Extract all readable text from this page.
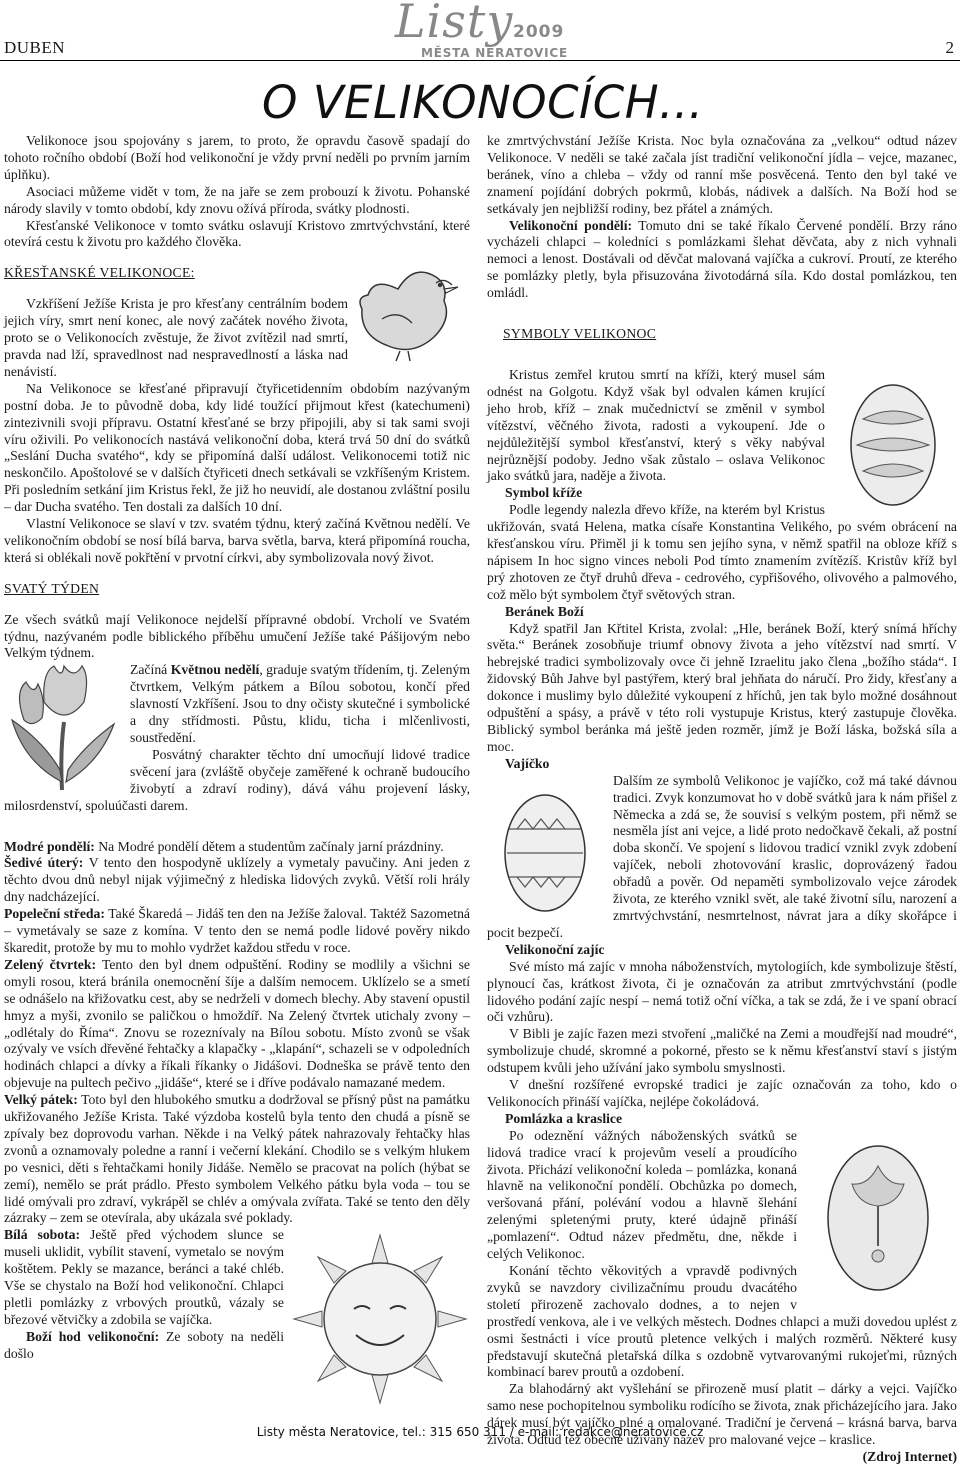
DUBEN	Listy 2009
MĚSTA NERATOVICE	2
O VELIKONOCÍCH...

Velikonoce jsou spojovány s jarem, to proto, že opravdu časově spadají do tohoto ročního období (Boží hod velikonoční je vždy první neděli po prvním jarním úplňku).

Asociaci můžeme vidět v tom, že na jaře se zem probouzí k životu. Pohanské národy slavily v tomto období, kdy znovu ožívá příroda, svátky plodnosti.

Křesťanské Velikonoce v tomto svátku oslavují Kristovo zmrtvýchvstání, které otevírá cestu k životu pro každého člověka.

KŘESŤANSKÉ VELIKONOCE:

Vzkříšení Ježíše Krista je pro křesťany centrálním bodem jejich víry, smrt není konec, ale nový začátek nového života, proto se o Velikonocích zvěstuje, že život zvítězil nad smrtí, pravda nad lží, spravedlnost nad nespravedlností a láska nad nenávistí.

Na Velikonoce se křesťané připravují čtyřicetidenním obdobím nazývaným postní doba. Je to původně doba, kdy lidé toužící přijmout křest (katechumeni) zintezivnili svoji přípravu. Ostatní křesťané se brzy připojili, aby si tak sami svoji víru oživili. Po velikonocích nastává velikonoční doba, která trvá 50 dní do svátků „Seslání Ducha svatého“, kdy se připomíná další událost. Velikonocemi totiž nic neskončilo. Apoštolové se v dalších čtyřiceti dnech setkávali se vzkříšeným Kristem. Při posledním setkání jim Kristus řekl, že již ho neuvidí, ale dostanou zvláštní posilu – dar Ducha svatého. Ten dostali za dalších 10 dní.

Vlastní Velikonoce se slaví v tzv. svatém týdnu, který začíná Květnou nedělí. Ve velikonočním období se nosí bílá barva, barva světla, barva, která připomíná roucha, která si oblékali nově pokřtění v prvotní církvi, aby symbolizovala nový život.

SVATÝ TÝDEN

Ze všech svátků mají Velikonoce nejdelší přípravné období. Vrcholí ve Svatém týdnu, nazývaném podle biblického příběhu umučení Ježíše také Pášijovým nebo Velkým týdnem.

Začíná Květnou nedělí, graduje svatým třídením, tj. Zeleným čtvrtkem, Velkým pátkem a Bílou sobotou, končí před slavností Vzkříšení. Jsou to dny očisty skutečné i symbolické a dny střídmosti. Půstu, klidu, ticha i mlčenlivosti, soustředění.

Posvátný charakter těchto dní umocňují lidové tradice svěcení jara (zvláště obyčeje zaměřené k ochraně budoucího živobytí a zdraví rodiny), dává váhu projevení lásky, milosrdenství, spoluúčasti darem.

Modré pondělí: Na Modré pondělí dětem a studentům začínaly jarní prázdniny.

Šedivé úterý: V tento den hospodyně uklízely a vymetaly pavučiny. Ani jeden z těchto dvou dnů nebyl nijak výjimečný z hlediska lidových zvyků. Větší roli hrály dny nadcházející.

Popeleční středa: Také Škaredá – Jidáš ten den na Ježíše žaloval. Taktéž Sazometná – vymetávaly se saze z komína. V tento den se nemá podle lidové pověry nikdo škaredit, protože by mu to mohlo vydržet každou středu v roce.

Zelený čtvrtek: Tento den byl dnem odpuštění. Rodiny se modlily a všichni se omyli rosou, která bránila onemocnění šíje a dalším nemocem. Uklízelo se a smetí se odnášelo na křižovatku cest, aby se nedrželi v domech blechy. Aby stavení opustil hmyz a myši, zvonilo se paličkou o hmoždíř. Na Zelený čtvrtek utichaly zvony – „odlétaly do Říma“. Znovu se rozeznívaly na Bílou sobotu. Místo zvonů se však ozývaly ve vsích dřevěné řehtačky a klapačky - „klapání“, schazeli se v odpoledních hodinách chlapci a dívky a říkali říkanky o Jidášovi. Dodneška se právě tento den objevuje na pultech pečivo „jidáše“, které se i dříve podávalo namazané medem.

Velký pátek: Toto byl den hlubokého smutku a dodržoval se přísný půst na památku ukřižovaného Ježíše Krista. Také výzdoba kostelů byla tento den chudá a písně se zpívaly bez doprovodu varhan. Někde i na Velký pátek nahrazovaly řehtačky hlas zvonů a oznamovaly poledne a ranní i večerní klekání. Chodilo se s velkým hlukem po vesnici, děti s řehtačkami honily Jidáše. Nemělo se pracovat na polích (hýbat se zemí), nemělo se prát prádlo. Přesto symbolem Velkého pátku byla voda – tou se lidé omývali pro zdraví, vykrápěl se chlév a omývala zvířata. Také se tento den děly zázraky – zem se otevírala, aby ukázala své poklady.

Bílá sobota: Ještě před východem slunce se museli uklidit, vybílit stavení, vymetalo se novým koštětem. Pekly se mazance, beránci a také chléb. Vše se chystalo na Boží hod velikonoční. Chlapci pletli pomlázky z vrbových proutků, vázaly se březové větvičky a zdobila se vajíčka.

Boží hod velikonoční: Ze soboty na neděli došlo

ke zmrtvýchvstání Ježíše Krista. Noc byla označována za „velkou“ odtud název Velikonoce. V neděli se také začala jíst tradiční velikonoční jídla – vejce, mazanec, beránek, víno a chleba – vždy od ranní mše posvěcená. Tento den byl také ve znamení pojídání dobrých pokrmů, klobás, nádivek a dalších. Na Boží hod se setkávaly jen nejbližší rodiny, bez přátel a známých.

Velikonoční pondělí: Tomuto dni se také říkalo Červené pondělí. Brzy ráno vycházeli chlapci – koledníci s pomlázkami šlehat děvčata, aby z nich vyhnali nemoci a lenost. Dostávali od děvčat malovaná vajíčka a cukroví. Proutí, ze kterého se pomlázky pletly, byla přisuzována životodárná síla. Kdo dostal pomlázkou, ten omládl.

SYMBOLY VELIKONOC

Kristus zemřel krutou smrtí na kříži, který musel sám odnést na Golgotu. Když však byl odvalen kámen krující jeho hrob, kříž – znak mučednictví se změnil v symbol vítězství, věčného života, radosti a vykoupení. Jde o nejdůležitější symbol křesťanství, který s věky nabýval nejrůznější podoby. Jedno však zůstalo – oslava Velikonoc jako svátků jara, naděje a života.

Symbol kříže

Podle legendy nalezla dřevo kříže, na kterém byl Kristus ukřižován, svatá Helena, matka císaře Konstantina Velikého, po svém obrácení na křesťanskou víru. Přiměl ji k tomu sen jejího syna, v němž spatřil na obloze kříž s nápisem In hoc signo vinces neboli Pod tímto znamením zvítězíš. Kristův kříž byl prý zhotoven ze čtyř druhů dřeva - cedrového, cypřišového, olivového a palmového, což mělo být symbolem čtyř světových stran.

Beránek Boží

Když spatřil Jan Křtitel Krista, zvolal: „Hle, beránek Boží, který snímá hříchy světa.“ Beránek zosobňuje triumf obnovy života a jeho vítězství nad smrtí. V hebrejské tradici symbolizovaly ovce či jehně Izraelitu jako člena „božího stáda“. I židovský Bůh Jahve byl pastýřem, který bral jehňata do náručí. Pro židy, křesťany a dokonce i muslimy bylo důležité vykoupení z hříchů, jen tak bylo možné dosáhnout odpuštění a spásy, a právě v této roli vystupuje Kristus, který zastupuje člověka. Biblický symbol beránka má ještě jeden rozměr, jímž je Boží láska, božská síla a moc.

Vajíčko

Dalším ze symbolů Velikonoc je vajíčko, což má také dávnou tradici. Zvyk konzumovat ho v době svátků jara k nám přišel z Německa a zdá se, že souvisí s velkým postem, při němž se nesměla jíst ani vejce, a lidé proto nedočkavě čekali, až postní doba skončí. Ve spojení s lidovou tradicí vznikl zvyk zdobení vajíček, neboli zhotovování kraslic, doprovázený řadou obřadů a pověr. Od nepaměti symbolizovalo vejce zárodek života, ze kterého vznikl svět, ale také životní sílu, narození a zmrtvýchvstání, nesmrtelnost, návrat jara a díky skořápce i pocit bezpečí.

Velikonoční zajíc

Své místo má zajíc v mnoha náboženstvích, mytologiích, kde symbolizuje štěstí, plynoucí čas, krátkost života, či je označován za atribut zmrtvýchvstání (podle lidového podání zajíc nespí – nemá totiž oční víčka, a tak se zdá, že i ve spaní obrací oči vzhůru).

V Bibli je zajíc řazen mezi stvoření „maličké na Zemi a moudřejší nad moudré“, symbolizuje chudé, skromné a pokorné, přesto se k němu křesťanství staví s jistým odstupem kvůli jeho užívání jako symbolu smyslnosti.

V dnešní rozšířené evropské tradici je zajíc označován za toho, kdo o Velikonocích přináší vajíčka, nejlépe čokoládová.

Pomlázka a kraslice

Po odeznění vážných náboženských svátků se lidová tradice vrací k projevům veselí a proudícího života. Přichází velikonoční koleda – pomlázka, konaná hlavně na velikonoční pondělí. Obchůzka po domech, veršovaná přání, polévání vodou a hlavně šlehání zelenými spletenými pruty, které údajně přináší „pomlazení“. Odtud název předmětu, dne, někde i celých Velikonoc.

Konání těchto věkovitých a vpravdě podivných zvyků se navzdory civilizačnímu proudu dvacátého století přirozeně zachovalo dodnes, a to nejen v prostředí venkova, ale i ve velkých městech. Dodnes chlapci a muži dovedou uplést z osmi šestnácti i více proutů pletence velkých i malých rozměrů. Některé kusy představují skutečná pletařská dílka s ozdobně vytvarovanými rukojeťmi, různých kombinací barev proutů a ozdobení.

Za blahodárný akt vyšlehání se přirozeně musí platit – dárky a vejci. Vajíčko samo nese pochopitelnou symboliku rodícího se života, znak přicházejícího jara. Jako dárek musí být vajíčko plné a omalované. Tradiční je červená – krásná barva, barva života. Odtud též obecně užívaný název pro malované vejce – kraslice.

(Zdroj Internet)

Listy města Neratovice, tel.: 315 650 311 / e-mail: redakce@neratovice.cz
